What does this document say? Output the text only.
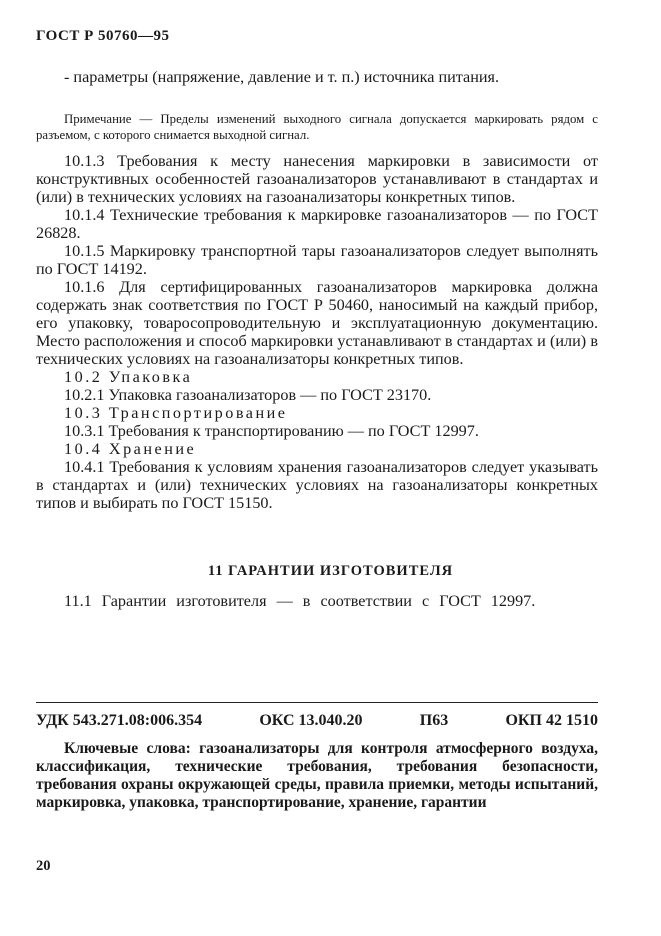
ГОСТ Р 50760—95

- параметры (напряжение, давление и т. п.) источника питания.

Примечание — Пределы изменений выходного сигнала допускается маркировать рядом с разъемом, с которого снимается выходной сигнал.

10.1.3 Требования к месту нанесения маркировки в зависимости от конструктивных особенностей газоанализаторов устанавливают в стандартах и (или) в технических условиях на газоанализаторы конкретных типов.

10.1.4 Технические требования к маркировке газоанализаторов — по ГОСТ 26828.

10.1.5 Маркировку транспортной тары газоанализаторов следует выполнять по ГОСТ 14192.

10.1.6 Для сертифицированных газоанализаторов маркировка должна содержать знак соответствия по ГОСТ Р 50460, наносимый на каждый прибор, его упаковку, товаросопроводительную и эксплуатационную документацию. Место расположения и способ маркировки устанавливают в стандартах и (или) в технических условиях на газоанализаторы конкретных типов.

10.2 Упаковка

10.2.1 Упаковка газоанализаторов — по ГОСТ 23170.

10.3 Транспортирование

10.3.1 Требования к транспортированию — по ГОСТ 12997.

10.4 Хранение

10.4.1 Требования к условиям хранения газоанализаторов следует указывать в стандартах и (или) технических условиях на газоанализаторы конкретных типов и выбирать по ГОСТ 15150.

11 ГАРАНТИИ ИЗГОТОВИТЕЛЯ
11.1 Гарантии изготовителя — в соответствии с ГОСТ 12997.
УДК 543.271.08:006.354	ОКС 13.040.20	П63	ОКП 42 1510
Ключевые слова: газоанализаторы для контроля атмосферного воздуха, классификация, технические требования, требования безопасности, требования охраны окружающей среды, правила приемки, методы испытаний, маркировка, упаковка, транспортирование, хранение, гарантии
20
